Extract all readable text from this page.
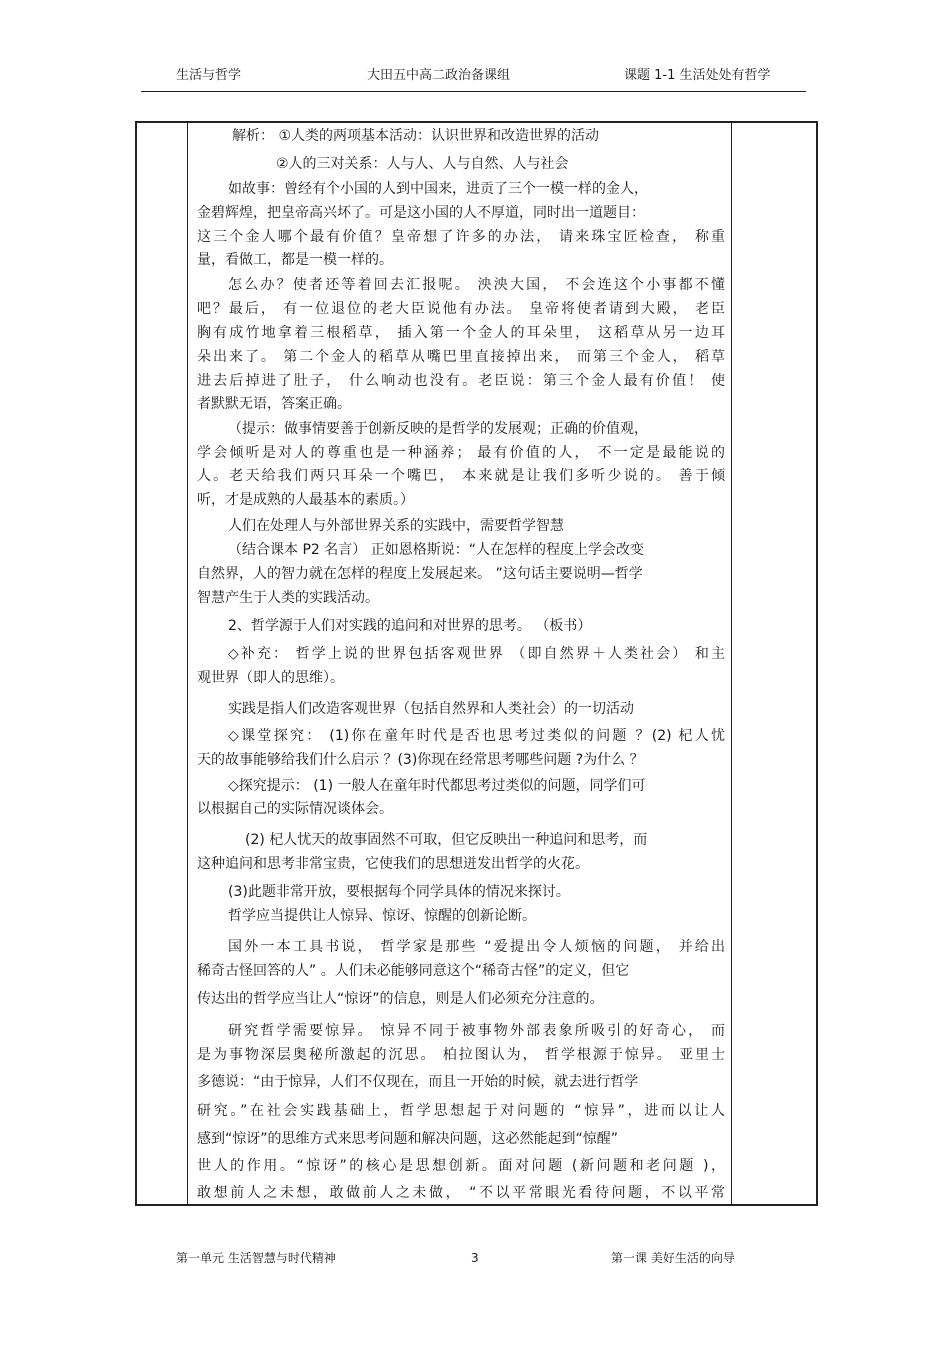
生活与哲学	大田五中高二政治备课组	课题 1-1 生活处处有哲学
解析： ①人类的两项基本活动：认识世界和改造世界的活动
②人的三对关系：人与人、人与自然、人与社会
如故事：曾经有个小国的人到中国来，进贡了三个一模一样的金人，
金碧辉煌，把皇帝高兴坏了。可是这小国的人不厚道，同时出一道题目：
这三个金人哪个最有价值？皇帝想了许多的办法， 请来珠宝匠检查， 称重
量，看做工，都是一模一样的。
怎么办？使者还等着回去汇报呢。 泱泱大国， 不会连这个小事都不懂
吧？最后， 有一位退位的老大臣说他有办法。 皇帝将使者请到大殿， 老臣
胸有成竹地拿着三根稻草， 插入第一个金人的耳朵里， 这稻草从另一边耳
朵出来了。 第二个金人的稻草从嘴巴里直接掉出来， 而第三个金人， 稻草
进去后掉进了肚子， 什么响动也没有。老臣说：第三个金人最有价值！ 使
者默默无语，答案正确。
（提示：做事情要善于创新反映的是哲学的发展观；正确的价值观，
学会倾听是对人的尊重也是一种涵养； 最有价值的人， 不一定是最能说的
人。老天给我们两只耳朵一个嘴巴， 本来就是让我们多听少说的。 善于倾
听，才是成熟的人最基本的素质。）
人们在处理人与外部世界关系的实践中，需要哲学智慧
（结合课本 P2 名言） 正如恩格斯说：“人在怎样的程度上学会改变
自然界，人的智力就在怎样的程度上发展起来。 ”这句话主要说明—哲学
智慧产生于人类的实践活动。
2、哲学源于人们对实践的追问和对世界的思考。 （板书）
◇补充： 哲学上说的世界包括客观世界 （即自然界＋人类社会） 和主
观世界（即人的思维）。
实践是指人们改造客观世界（包括自然界和人类社会）的一切活动
◇课堂探究： (1)你在童年时代是否也思考过类似的问题 ？(2) 杞人忧
天的故事能够给我们什么启示 ？(3)你现在经常思考哪些问题 ?为什么 ？
◇探究提示： (1) 一般人在童年时代都思考过类似的问题，同学们可
以根据自己的实际情况谈体会。
(2) 杞人忧天的故事固然不可取，但它反映出一种追问和思考，而
这种追问和思考非常宝贵，它使我们的思想迸发出哲学的火花。
(3)此题非常开放，要根据每个同学具体的情况来探讨。
哲学应当提供让人惊异、惊讶、惊醒的创新论断。
国外一本工具书说， 哲学家是那些 “爱提出令人烦恼的问题， 并给出
稀奇古怪回答的人” 。人们未必能够同意这个“稀奇古怪”的定义，但它
传达出的哲学应当让人“惊讶”的信息，则是人们必须充分注意的。
研究哲学需要惊异。 惊异不同于被事物外部表象所吸引的好奇心， 而
是为事物深层奥秘所激起的沉思。 柏拉图认为， 哲学根源于惊异。 亚里士
多德说：“由于惊异，人们不仅现在，而且一开始的时候，就去进行哲学
研究。”在社会实践基础上，哲学思想起于对问题的 “惊异”，进而以让人
感到“惊讶”的思维方式来思考问题和解决问题，这必然能起到“惊醒”
世人的作用。“惊讶”的核心是思想创新。面对问题 (新问题和老问题 )，
敢想前人之未想，敢做前人之未做， “不以平常眼光看待问题，不以平常
第一单元 生活智慧与时代精神	3	第一课 美好生活的向导
